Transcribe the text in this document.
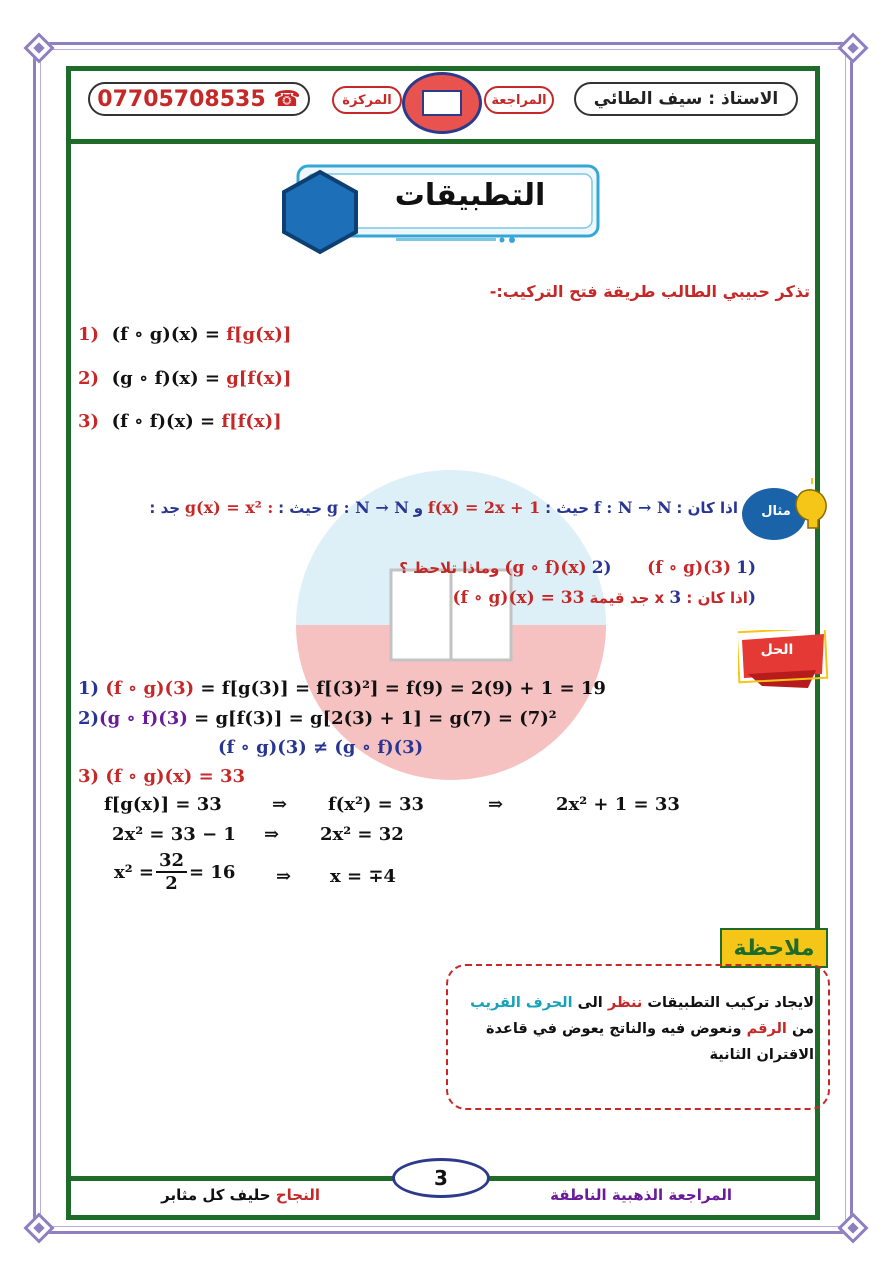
07705708535 ☎	المركزة	المراجعة	الاستاذ : سيف الطائي
التطبيقات
تذكر حبيبي الطالب طريقة فتح التركيب:-
1) (f ∘ g)(x) = f[g(x)]
2) (g ∘ f)(x) = g[f(x)]
3) (f ∘ f)(x) = f[f(x)]
مثال
اذا كان : f : N → N حيث : f(x) = 2x + 1 و g : N → N حيث : g(x) = x² : جد :
وماذا تلاحظ ؟ (g ∘ f)(x) 2) (f ∘ g)(3) 1)
(f ∘ g)(x) = 33 جد قيمة x اذا كان : 3)
الحل
1) (f ∘ g)(3) = f[g(3)] = f[(3)²] = f(9) = 2(9) + 1 = 19
2)(g ∘ f)(3) = g[f(3)] = g[2(3) + 1] = g(7) = (7)²
(f ∘ g)(3) ≠ (g ∘ f)(3)
3) (f ∘ g)(x) = 33
f[g(x)] = 33	⇒ f(x²) = 33	⇒	2x² + 1 = 33
2x² = 33 − 1 ⇒ 2x² = 32
$x^2 = \frac{32}{2} = 16$ ⇒ x = ∓4
ملاحظة
لايجاد تركيب التطبيقات ننظر الى الحرف القريب
من الرقم ونعوض فيه والناتج يعوض في قاعدة
الاقتران الثانية
3
النجاح حليف كل مثابر	المراجعة الذهبية الناطقة
